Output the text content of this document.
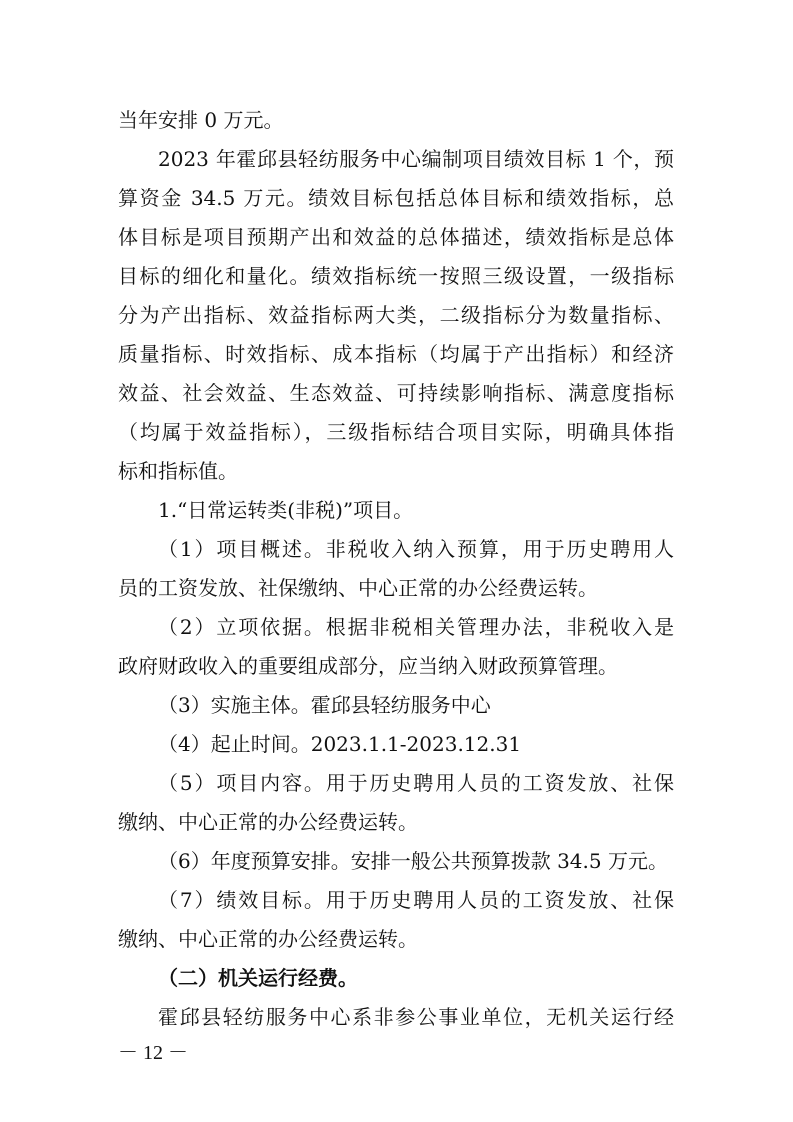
当年安排 0 万元。
2023 年霍邱县轻纺服务中心编制项目绩效目标 1 个，预
算资金 34.5 万元。绩效目标包括总体目标和绩效指标，总
体目标是项目预期产出和效益的总体描述，绩效指标是总体
目标的细化和量化。绩效指标统一按照三级设置，一级指标
分为产出指标、效益指标两大类，二级指标分为数量指标、
质量指标、时效指标、成本指标（均属于产出指标）和经济
效益、社会效益、生态效益、可持续影响指标、满意度指标
（均属于效益指标），三级指标结合项目实际，明确具体指
标和指标值。
1.“日常运转类(非税)”项目。
（1）项目概述。非税收入纳入预算，用于历史聘用人
员的工资发放、社保缴纳、中心正常的办公经费运转。
（2）立项依据。根据非税相关管理办法，非税收入是
政府财政收入的重要组成部分，应当纳入财政预算管理。
（3）实施主体。霍邱县轻纺服务中心
（4）起止时间。2023.1.1-2023.12.31
（5）项目内容。用于历史聘用人员的工资发放、社保
缴纳、中心正常的办公经费运转。
（6）年度预算安排。安排一般公共预算拨款 34.5 万元。
（7）绩效目标。用于历史聘用人员的工资发放、社保
缴纳、中心正常的办公经费运转。
（二）机关运行经费。
霍邱县轻纺服务中心系非参公事业单位，无机关运行经
－ 12 －
